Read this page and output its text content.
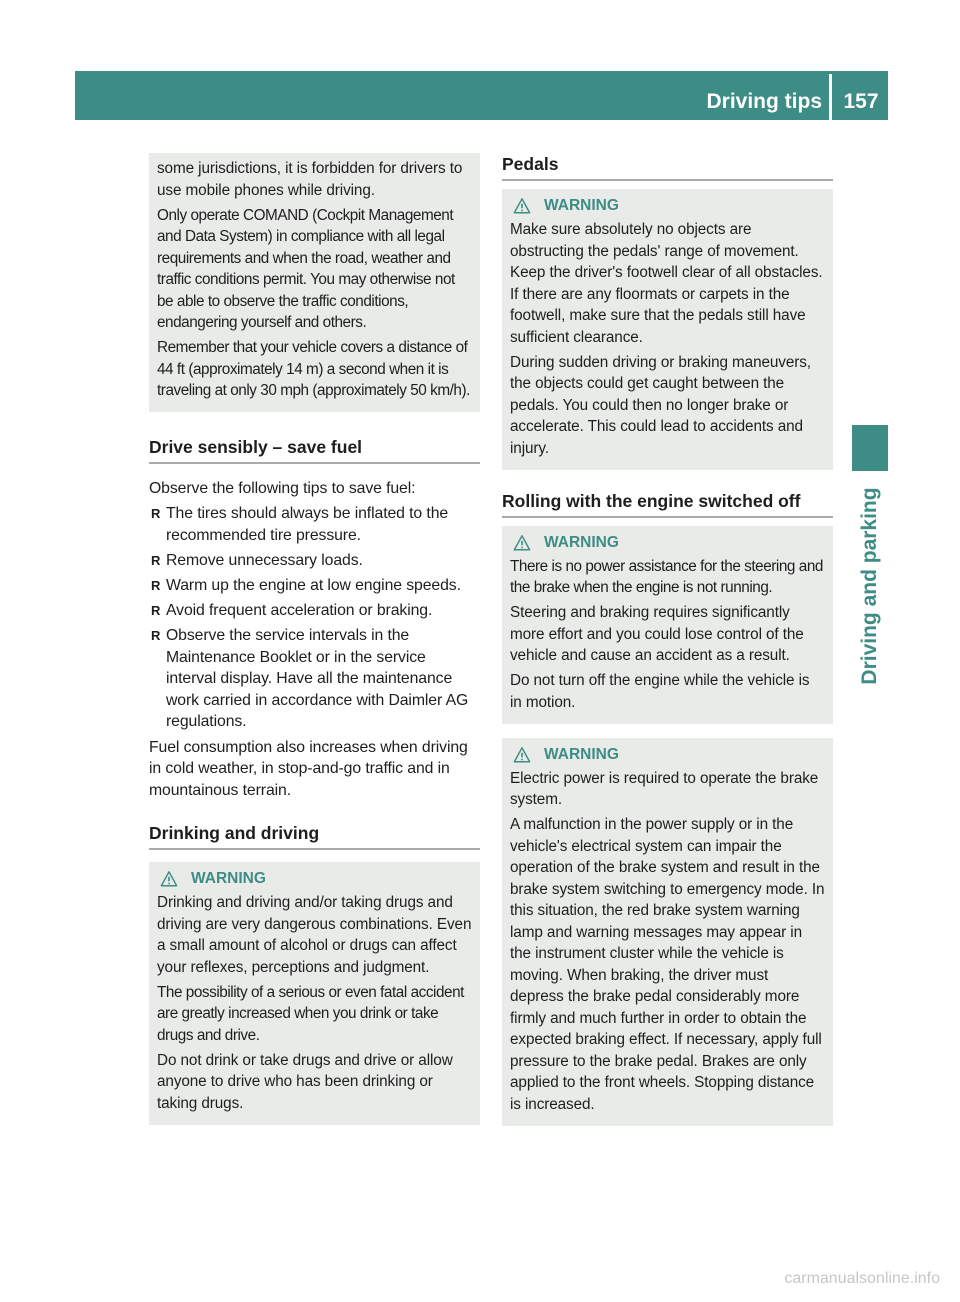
Driving tips 157
Driving and parking

some jurisdictions, it is forbidden for drivers to use mobile phones while driving.

Only operate COMAND (Cockpit Management and Data System) in compliance with all legal requirements and when the road, weather and traffic conditions permit. You may otherwise not be able to observe the traffic conditions, endangering yourself and others.

Remember that your vehicle covers a distance of 44 ft (approximately 14 m) a second when it is traveling at only 30 mph (approximately 50 km/h).

Drive sensibly – save fuel

Observe the following tips to save fuel:

R The tires should always be inflated to the recommended tire pressure.
R Remove unnecessary loads.
R Warm up the engine at low engine speeds.
R Avoid frequent acceleration or braking.
R Observe the service intervals in the Maintenance Booklet or in the service interval display. Have all the maintenance work carried in accordance with Daimler AG regulations.

Fuel consumption also increases when driving in cold weather, in stop-and-go traffic and in mountainous terrain.

Drinking and driving
WARNING

Drinking and driving and/or taking drugs and driving are very dangerous combinations. Even a small amount of alcohol or drugs can affect your reflexes, perceptions and judgment.

The possibility of a serious or even fatal accident are greatly increased when you drink or take drugs and drive.

Do not drink or take drugs and drive or allow anyone to drive who has been drinking or taking drugs.

Pedals
WARNING

Make sure absolutely no objects are obstructing the pedals' range of movement. Keep the driver's footwell clear of all obstacles. If there are any floormats or carpets in the footwell, make sure that the pedals still have sufficient clearance.

During sudden driving or braking maneuvers, the objects could get caught between the pedals. You could then no longer brake or accelerate. This could lead to accidents and injury.

Rolling with the engine switched off
WARNING

There is no power assistance for the steering and the brake when the engine is not running.

Steering and braking requires significantly more effort and you could lose control of the vehicle and cause an accident as a result.

Do not turn off the engine while the vehicle is in motion.

WARNING

Electric power is required to operate the brake system.

A malfunction in the power supply or in the vehicle's electrical system can impair the operation of the brake system and result in the brake system switching to emergency mode. In this situation, the red brake system warning lamp and warning messages may appear in the instrument cluster while the vehicle is moving. When braking, the driver must depress the brake pedal considerably more firmly and much further in order to obtain the expected braking effect. If necessary, apply full pressure to the brake pedal. Brakes are only applied to the front wheels. Stopping distance is increased.

carmanualsonline.info
